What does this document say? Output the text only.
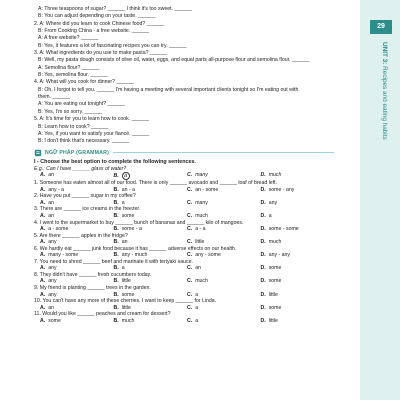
A: Three teaspoons of sugar? ______ I think it's too sweet. ______
B: You can adjust depending on your taste. ______
2. A: Where did you learn to cook Chinese food? ______
B: From Cooking China - a free website. ______
A: A free website? ______
B: Yes, it features a lot of fascinating recipes you can try. ______
3. A: What ingredients do you use to make pasta? ______
B: Well, my pasta dough consists of olive oil, water, eggs, and equal parts all-purpose flour and semolina flour. ______
A: Semolina flour? ______
B: Yes, semolina flour. ______
4. A: What will you cook for dinner? ______
B: Oh, I forgot to tell you. ______ I'm having a meeting with several important clients tonight so I'm eating out with
them. ______
A: You are eating out tonight? ______
B: Yes, I'm so sorry. ______
5. A: It's time for you to learn how to cook. ______
B: Learn how to cook? ______
A: Yes, if you want to satisfy your fiancé. ______
B: I don't think that's necessary. ______
NGỮ PHÁP (GRAMMAR)
I - Choose the best option to complete the following sentences.
E.g.: Can I have ______ glass of water?
A. an	B. a	C. many	D. much
1. Someone has eaten almost all of our food. There is only ______ avocado and ______ loaf of bread left.
A. any - a	B. an - a	C. an - some	D. some - any
2. Have you put ______ sugar in my coffee?
A. an	B. a	C. many	D. any
3. There are ______ ice creams in the freezer.
A. an	B. some	C. much	D. a
4. I went to the supermarket to buy ______ bunch of bananas and ______ kilo of mangoes.
A. a - some	B. some - a	C. a - a	D. some - some
5. Are there ______ apples in the fridge?
A. any	B. an	C. little	D. much
6. We hardly eat ______ junk food because it has ______ adverse effects on our health.
A. many - some	B. any - much	C. any - some	D. any - any
7. You need to shred ______ beef and marinate it with teriyaki sauce.
A. any	B. a	C. an	D. some
8. They didn't have ______ fresh cucumbers today.
A. any	B. little	C. much	D. some
9. My friend is planting ______ trees in the garden.
A. any	B. some	C. a	D. little
10. You can't have any more of these cherries. I want to keep ______ for Linda.
A. an	B. little	C. a	D. some
11. Would you like ______ peaches and cream for dessert?
A. some	B. much	C. a	D. little
29
UNIT 3: Recipes and eating habits
